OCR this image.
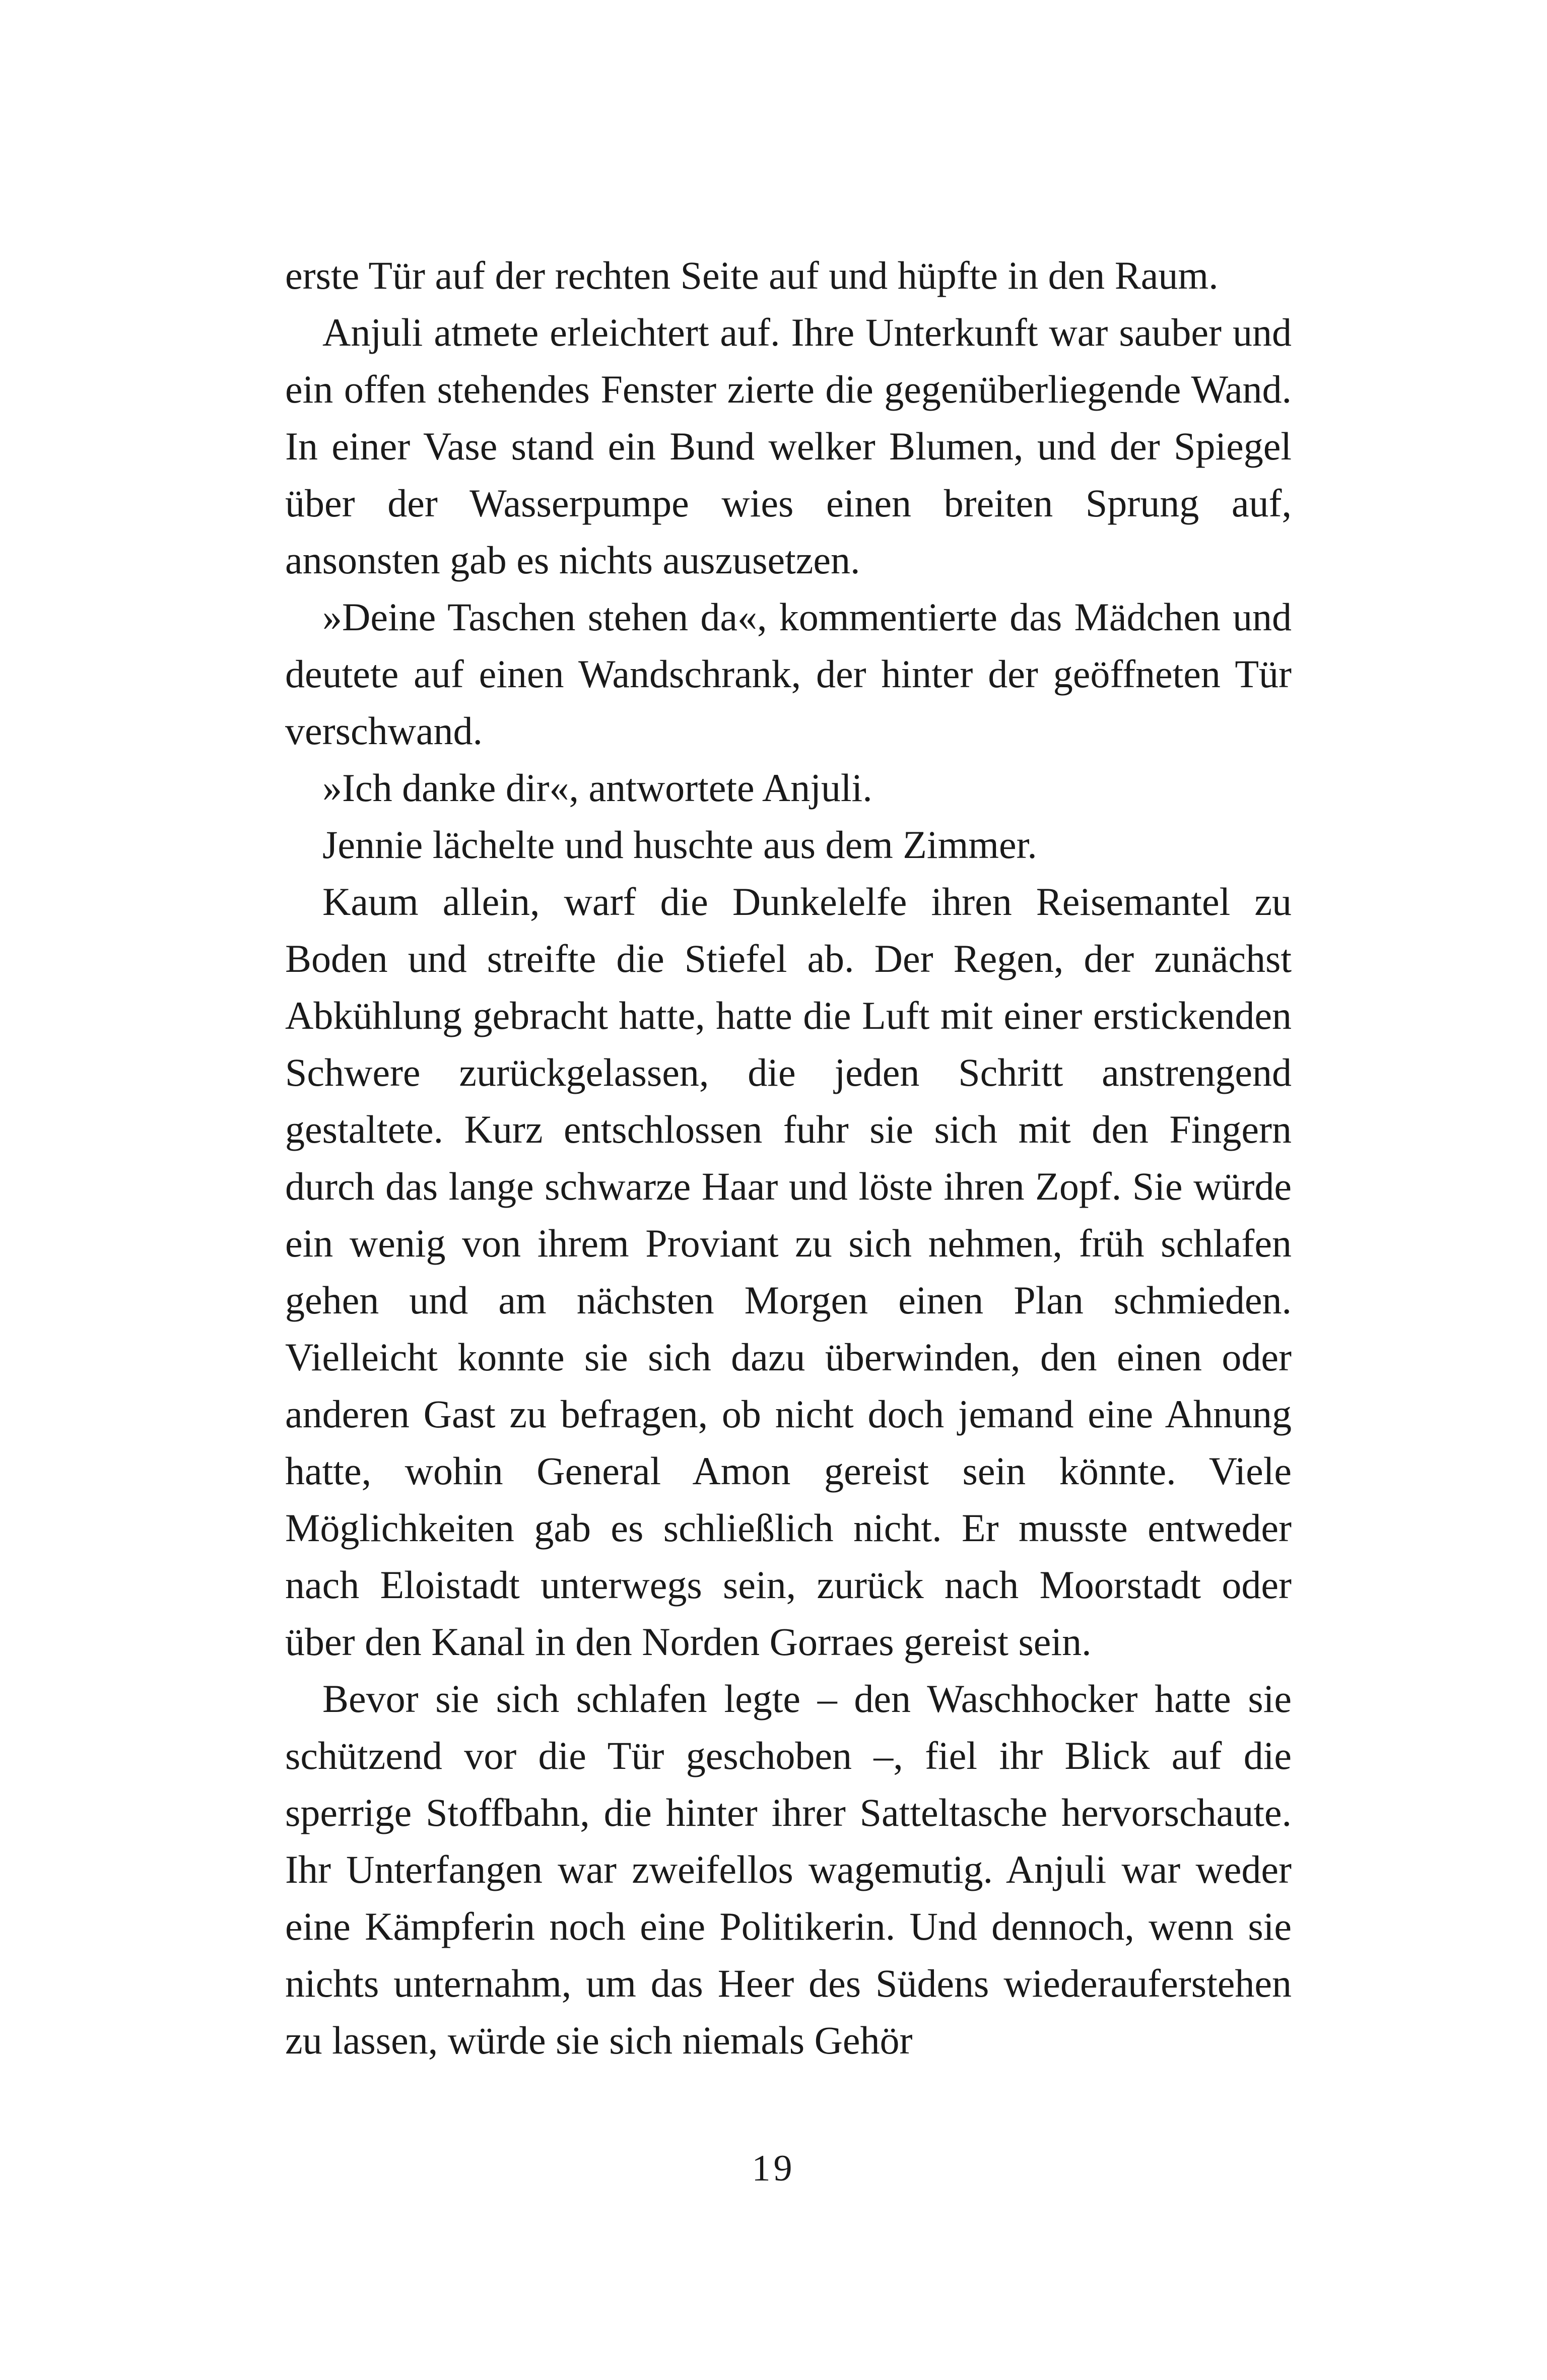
erste Tür auf der rechten Seite auf und hüpfte in den Raum.

Anjuli atmete erleichtert auf. Ihre Unterkunft war sauber und ein offen stehendes Fenster zierte die gegenüberliegende Wand. In einer Vase stand ein Bund welker Blumen, und der Spiegel über der Wasserpumpe wies einen breiten Sprung auf, ansonsten gab es nichts auszusetzen.

»Deine Taschen stehen da«, kommentierte das Mädchen und deutete auf einen Wandschrank, der hinter der geöffneten Tür verschwand.

»Ich danke dir«, antwortete Anjuli.

Jennie lächelte und huschte aus dem Zimmer.

Kaum allein, warf die Dunkelelfe ihren Reisemantel zu Boden und streifte die Stiefel ab. Der Regen, der zunächst Abkühlung gebracht hatte, hatte die Luft mit einer erstickenden Schwere zurückgelassen, die jeden Schritt anstrengend gestaltete. Kurz entschlossen fuhr sie sich mit den Fingern durch das lange schwarze Haar und löste ihren Zopf. Sie würde ein wenig von ihrem Proviant zu sich nehmen, früh schlafen gehen und am nächsten Morgen einen Plan schmieden. Vielleicht konnte sie sich dazu überwinden, den einen oder anderen Gast zu befragen, ob nicht doch jemand eine Ahnung hatte, wohin General Amon gereist sein könnte. Viele Möglichkeiten gab es schließlich nicht. Er musste entweder nach Eloistadt unterwegs sein, zurück nach Moorstadt oder über den Kanal in den Norden Gorraes gereist sein.

Bevor sie sich schlafen legte – den Waschhocker hatte sie schützend vor die Tür geschoben –, fiel ihr Blick auf die sperrige Stoffbahn, die hinter ihrer Satteltasche hervorschaute. Ihr Unterfangen war zweifellos wagemutig. Anjuli war weder eine Kämpferin noch eine Politikerin. Und dennoch, wenn sie nichts unternahm, um das Heer des Südens wiederauferstehen zu lassen, würde sie sich niemals Gehör

19
